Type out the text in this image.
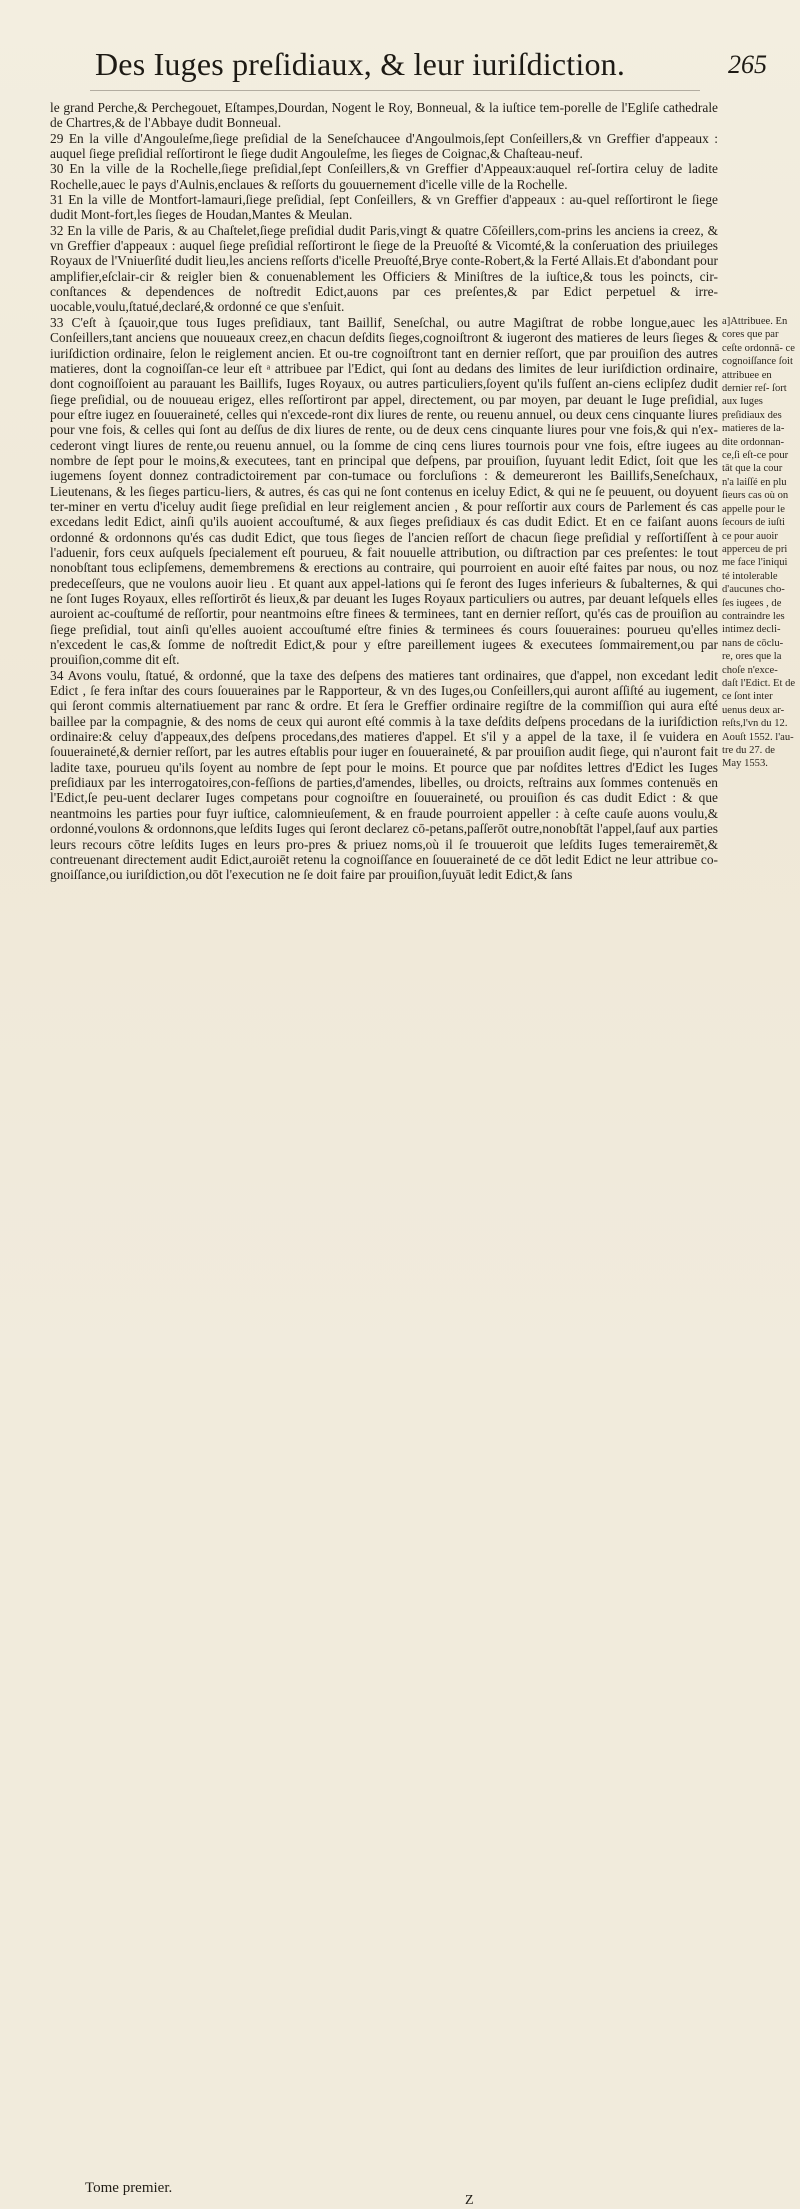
Des Iuges preſidiaux, & leur iuriſdiction.	265

le grand Perche,& Perchegouet, Eſtampes,Dourdan, Nogent le Roy, Bonneual, & la iuſtice tem-porelle de l'Egliſe cathedrale de Chartres,& de l'Abbaye dudit Bonneual.

29 En la ville d'Angouleſme,ſiege preſidial de la Seneſchaucee d'Angoulmois,ſept Conſeillers,& vn Greffier d'appeaux : auquel ſiege preſidial reſſortiront le ſiege dudit Angouleſme, les ſieges de Coignac,& Chaſteau-neuf.

30 En la ville de la Rochelle,ſiege preſidial,ſept Conſeillers,& vn Greffier d'Appeaux:auquel reſ-ſortira celuy de ladite Rochelle,auec le pays d'Aulnis,enclaues & reſſorts du gouuernement d'icelle ville de la Rochelle.

31 En la ville de Montfort-lamauri,ſiege preſidial, ſept Conſeillers, & vn Greffier d'appeaux : au-quel reſſortiront le ſiege dudit Mont-fort,les ſieges de Houdan,Mantes & Meulan.

32 En la ville de Paris, & au Chaſtelet,ſiege preſidial dudit Paris,vingt & quatre Cōſeillers,com-prins les anciens ia creez, & vn Greffier d'appeaux : auquel ſiege preſidial reſſortiront le ſiege de la Preuoſté & Vicomté,& la conſeruation des priuileges Royaux de l'Vniuerſité dudit lieu,les anciens reſſorts d'icelle Preuoſté,Brye conte-Robert,& la Ferté Allais.Et d'abondant pour amplifier,eſclair-cir & reigler bien & conuenablement les Officiers & Miniſtres de la iuſtice,& tous les poincts, cir-conſtances & dependences de noſtredit Edict,auons par ces preſentes,& par Edict perpetuel & irre-uocable,voulu,ſtatué,declaré,& ordonné ce que s'enſuit.

33 C'eſt à ſçauoir,que tous Iuges preſidiaux, tant Baillif, Seneſchal, ou autre Magiſtrat de robbe longue,auec les Conſeillers,tant anciens que nouueaux creez,en chacun deſdits ſieges,cognoiſtront & iugeront des matieres de leurs ſieges & iuriſdiction ordinaire, ſelon le reiglement ancien. Et ou-tre cognoiſtront tant en dernier reſſort, que par prouiſion des autres matieres, dont la cognoiſſan-ce leur eſt ᵃ attribuee par l'Edict, qui ſont au dedans des limites de leur iuriſdiction ordinaire, dont cognoiſſoient au parauant les Baillifs, Iuges Royaux, ou autres particuliers,ſoyent qu'ils fuſſent an-ciens eclipſez dudit ſiege preſidial, ou de nouueau erigez, elles reſſortiront par appel, directement, ou par moyen, par deuant le Iuge preſidial, pour eſtre iugez en ſouueraineté, celles qui n'excede-ront dix liures de rente, ou reuenu annuel, ou deux cens cinquante liures pour vne fois, & celles qui ſont au deſſus de dix liures de rente, ou de deux cens cinquante liures pour vne fois,& qui n'ex-cederont vingt liures de rente,ou reuenu annuel, ou la ſomme de cinq cens liures tournois pour vne fois, eſtre iugees au nombre de ſept pour le moins,& executees, tant en principal que deſpens, par prouiſion, ſuyuant ledit Edict, ſoit que les iugemens ſoyent donnez contradictoirement par con-tumace ou forcluſions : & demeureront les Baillifs,Seneſchaux, Lieutenans, & les ſieges particu-liers, & autres, és cas qui ne ſont contenus en iceluy Edict, & qui ne ſe peuuent, ou doyuent ter-miner en vertu d'iceluy audit ſiege preſidial en leur reiglement ancien , & pour reſſortir aux cours de Parlement és cas excedans ledit Edict, ainſi qu'ils auoient accouſtumé, & aux ſieges preſidiaux és cas dudit Edict. Et en ce faiſant auons ordonné & ordonnons qu'és cas dudit Edict, que tous ſieges de l'ancien reſſort de chacun ſiege preſidial y reſſortiſſent à l'aduenir, fors ceux auſquels ſpecialement eſt pourueu, & fait nouuelle attribution, ou diſtraction par ces preſentes: le tout nonobſtant tous eclipſemens, demembremens & erections au contraire, qui pourroient en auoir eſté faites par nous, ou noz predeceſſeurs, que ne voulons auoir lieu . Et quant aux appel-lations qui ſe feront des Iuges inferieurs & ſubalternes, & qui ne ſont Iuges Royaux, elles reſſortirōt és lieux,& par deuant les Iuges Royaux particuliers ou autres, par deuant leſquels elles auroient ac-couſtumé de reſſortir, pour neantmoins eſtre finees & terminees, tant en dernier reſſort, qu'és cas de prouiſion au ſiege preſidial, tout ainſi qu'elles auoient accouſtumé eſtre finies & terminees és cours ſouueraines: pourueu qu'elles n'excedent le cas,& ſomme de noſtredit Edict,& pour y eſtre pareillement iugees & executees ſommairement,ou par prouiſion,comme dit eſt.

34 Avons voulu, ſtatué, & ordonné, que la taxe des deſpens des matieres tant ordinaires, que d'appel, non excedant ledit Edict , ſe fera inſtar des cours ſouueraines par le Rapporteur, & vn des Iuges,ou Conſeillers,qui auront aſſiſté au iugement, qui ſeront commis alternatiuement par ranc & ordre. Et ſera le Greffier ordinaire regiſtre de la commiſſion qui aura eſté baillee par la compagnie, & des noms de ceux qui auront eſté commis à la taxe deſdits deſpens procedans de la iuriſdiction ordinaire:& celuy d'appeaux,des deſpens procedans,des matieres d'appel. Et s'il y a appel de la taxe, il ſe vuidera en ſouueraineté,& dernier reſſort, par les autres eſtablis pour iuger en ſouueraineté, & par prouiſion audit ſiege, qui n'auront fait ladite taxe, pourueu qu'ils ſoyent au nombre de ſept pour le moins. Et pource que par noſdites lettres d'Edict les Iuges preſidiaux par les interrogatoires,con-feſſions de parties,d'amendes, libelles, ou droicts, reſtrains aux ſommes contenuës en l'Edict,ſe peu-uent declarer Iuges competans pour cognoiſtre en ſouueraineté, ou prouiſion és cas dudit Edict : & que neantmoins les parties pour fuyr iuſtice, calomnieuſement, & en fraude pourroient appeller : à ceſte cauſe auons voulu,& ordonné,voulons & ordonnons,que leſdits Iuges qui ſeront declarez cō-petans,paſſerōt outre,nonobſtāt l'appel,ſauf aux parties leurs recours cōtre leſdits Iuges en leurs pro-pres & priuez noms,où il ſe trouueroit que leſdits Iuges temerairemēt,& contreuenant directement audit Edict,auroiēt retenu la cognoiſſance en ſouueraineté de ce dōt ledit Edict ne leur attribue co-gnoiſſance,ou iuriſdiction,ou dōt l'execution ne ſe doit faire par prouiſion,ſuyuāt ledit Edict,& ſans

a]Attribuee. En cores que par ceſte ordonnā- ce cognoiſſance ſoit attribuee en dernier reſ- ſort aux Iuges preſidiaux des matieres de la- dite ordonnan- ce,ſi eſt-ce pour tāt que la cour n'a laiſſé en plu ſieurs cas où on appelle pour le ſecours de iuſti ce pour auoir apperceu de pri me face l'iniqui té intolerable d'aucunes cho- ſes iugees , de contraindre les intimez decli- nans de cōclu- re, ores que la choſe n'exce- daſt l'Edict. Et de ce ſont inter uenus deux ar- reſts,l'vn du 12. Aouſt 1552. l'au- tre du 27. de May 1553.
Tome premier.
Z
